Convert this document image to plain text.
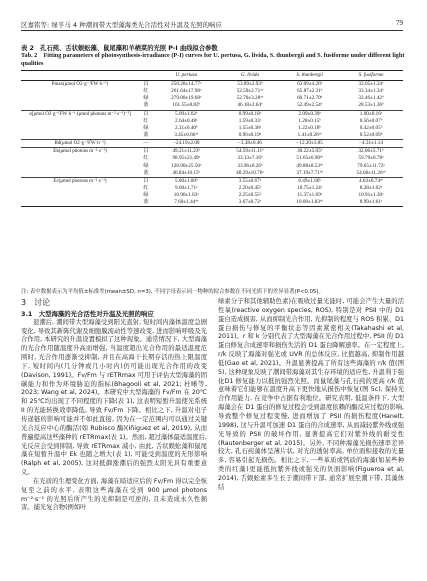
区嘉铭等: 绿孚马 4 种潮间带大型藻海类光合活性对升温及光照的响应	79
表 2　孔石莼、舌状蜈蚣藻、鼠尾藻和羊栖菜的光照 P-I 曲线拟合参数
Tab. 2　Fitting parameters of photosynthesis-irradiance (P-I) curves for U. pertusa, G. livida, S. thunbergii and S. fusiforme under different light qualities
		U. pertusa	G. livida	S. thunbergii	S. fusiforme
Pmax(μmol O2·g⁻¹FW·h⁻¹)	白	250.28±14.77ᵃ	53.89±2.93ᵇ	63.09±4.26ᵇ	32.05±1.24ᶜ
	红	261.64±17.98ᵃ	52.59±2.71ᵃᵇ	65.87±2.31ᵇ	33.34±1.34ᵇ
	绿	279.00±19.68ᵃ	52.70±3.28ᵃᵇ	60.71±2.70ᵇ	33.46±1.42ᵇ
	蓝	161.55±8.82ᵇ	46.18±2.64ᵇ	52.49±2.54ᵇ	28.53±1.36ᵇ
α[μmol O2·g⁻¹FW·h⁻¹·(μmol photons m⁻²·s⁻¹)⁻¹]	白	5.09±1.02ᵃ	0.99±0.18ᵃ	2.09±0.39ᵃ	1.00±0.16ᵃ
	红	2.64±0.48ᵃ	1.59±0.33ᵃ	1.28±0.15ᵇ	0.56±0.07ᵇ
	绿	2.31±0.40ᵇ	1.55±0.38ᵃ	1.22±0.18ᵇ	0.42±0.05ᵇ
	蓝	3.45±0.66ᵃᵇ	0.96±0.19ᵃ	1.41±0.26ᵃᵇ	0.52±0.09ᵇ
Rd(μmol O2·g⁻¹FW·h⁻¹)	—	−24.19±2.00	−3.38±0.46	−12.20±3.85	−4.31±1.14
Ek(μmol photons m⁻²·s⁻¹)	白	49.21±11.23ᵇ	54.59±11.11ᵇ	30.22±5.05ᵇ	32.06±5.71ᵇ
	红	98.95±21.49ᵃ	33.13±7.16ᵇ	51.65±6.90ᵃᵇ	59.79±8.78ᵃ
	绿	120.90±25.50ᵃ	33.96±8.26ᵇ	49.88±8.53ᵃᵇ	79.65±11.72ᵃ
	蓝	46.84±10.15ᵇ	48.29±10.76ᵃ	37.19±7.71ᵃᵇ	54.66±11.26ᵃᵇ
Ec(μmol photons m⁻²·s⁻¹)	白	5.00±1.00ᵇ	3.55±0.67ᵃ	6.49±1.66ᵇ	4.63±0.74ᵃᵇ
	红	9.60±1.71ᵃ	2.20±0.45ᵇ	10.75±1.24ᵃ	8.28±1.02ᵃ
	绿	10.96±1.83ᵃ	2.25±0.55ᵇ	11.37±1.69ᵃ	10.91±1.30ᵃ
	蓝	7.60±1.44ᵃᵇ	3.67±0.72ᵃ	10.00±1.83ᵃᵇ	8.99±1.61ᵃ
注: 表中数据表示为平均值±标准差(mean±SD, n=3), 不同字母表示同一物种的拟合参数在不同光质下的差异显著(P<0.05)。
3　讨论
3.1　大型海藻的光合活性对升温及光照的响应

退潮后, 潮间带大型海藻受到阳光直射, 短时间内藻体温度急剧变化, 导致其新陈代谢及细胞膜流动性等速改变, 进而影响呼吸及光合作用, 本研究的升温设置模拟了这种现象。通常情况下, 大型海藻的光合作用随温度升高而增强, 当温度超出光合作用的最适温度范围时, 光合作用逐渐受抑制, 并且在高海干长期存活的热上限温度下, 短时间内(几分钟或几小时内)仍可能出现光合作用的改变(Davison, 1991)。Fv/Fm 与 rETRmax 可用于评估大型海藻的固碳能力和作为环境胁迫的指标(Bhagooli et al, 2021; 杜晰等, 2023; Wang et al, 2024)。本研究中大型海藻的 Fv/Fm 在 20℃和 25℃均出现了不同程度的下降(表 1), 这表明短暂升温使光系统 II 的光能转换效率降低, 导致 Fv/Fm 下降。相比之下, 升温对电子传递链的影响可能并不如此直接, 因为在一定范围内可以通过关键光合反应中心的酶活(如 Rubisco 酶)(Iñiguez et al, 2019), 从而普遍提高这些藻种的 rETRmax(表 1)。然而, 超过藻体最适温度后, 光反应会受到抑制, 导致 rETRmax 减小, 由此, 舌状蜈蚣藻和鼠尾藻在短暂升温中 Ek 也随之增大(表 1), 可能受到温度的无形影响(Ralph et al, 2005), 这对抵御涨潮后的强烈太阳光具有重要意义。

在光质的生理变化方面, 海藻在暗适应后的 Fv/Fm 得以完全恢复至之前的水平, 表明这些海藻在受到 900 μmol photons m⁻²·s⁻¹ 的光照后所产生的光抑制是可逆的, 且未造成永久性损害。捕光复合物(例如叶

绿素分子和其他辅助色素)在吸收过量光能时, 可能会产生大量的活性氧(reactive oxygen species, ROS), 特别是对 PSII 中的 D1 蛋白造成损害, 从而抑制光合作用, 光抑制的程度与 ROS 积累、D1 蛋白损伤与修复的平衡状态等因素紧密相关(Takahashi et al, 2011)。r 和 k 分别代表了大型海藻在光合作用过程中, PSII 的 D1 蛋白修复合成速率和损伤失活的 D1 蛋白降解速率。在一定程度上, r/k 反映了海藻对强光或 UVR 的总体反应, 比值越高, 抑制作用越低(Gao et al, 2021)。升温显著提高了所有这些海藻的 r/k 值(图 5), 这种现象反映了潮间带海藻对其生存环境的适应性, 升温利于强化D1 修复能力以抵抗强烈光照。而鼠尾藻与孔石莼的更高 r/k 值意味着它们能够在温度升高下更快地从损伤中恢复(图 5c), 保持光合作用能力, 在竞争中占据有利地位。研究表明, 低温条件下, 大型海藻会在 D1 蛋白的修复过程会受到温度依赖的酶反应过程的影响, 导致整个修复过程变慢, 进而增加了 PSII 的损伤程度(Hanelt, 1998), 这与升温可加速 D1 蛋白的合成速率, 从而减轻紫外线或强光导致的 PSII 的破坏作用, 显著提高它们对紫外线的耐受性(Rautenberger et al, 2015)。另外, 不同种海藻光损伤速率差异较大, 孔石莼藻体呈薄片状, 对光的透射率高, 单位面积接收的光量多, 容易引起光损伤。相比之下, 一些革质或钙质的海藻(如某些种类的红藻)更能抵抗紫外线或强光的负面影响(Figueroa et al, 2014), 舌蜈蚣素多生长于潮间带下部, 通常扩展至潮下带, 其藻体结
